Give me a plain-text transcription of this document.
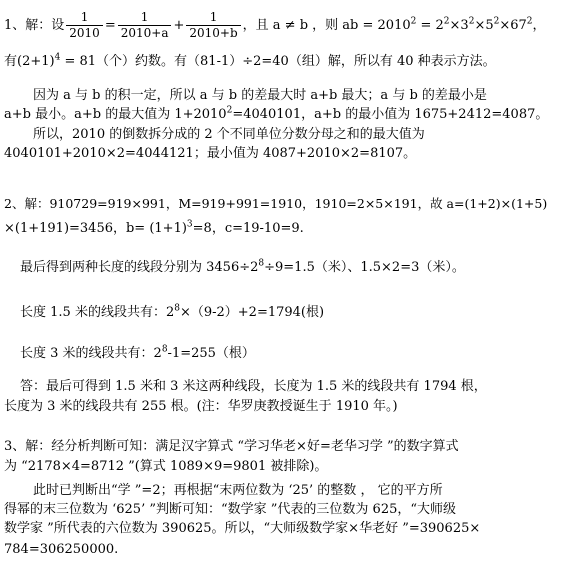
1、解：设 $\frac{1}{2010} = \frac{1}{2010+a} + \frac{1}{2010+b}$ ，且 a ≠ b ，则 ab = $2010^2 = 2^2\times 3^2\times 5^2\times 67^2$，
有$(2+1)^4 = 81$（个）约数。有（81-1）÷2=40（组）解，所以有 40 种表示方法。
因为 a 与 b 的积一定，所以 a 与 b 的差最大时 a+b 最大；a 与 b 的差最小是
a+b 最小。a+b 的最大值为 $1+2010^2=4040101$，a+b 的最小值为 1675+2412=4087。
所以，2010 的倒数拆分成的 2 个不同单位分数分母之和的最大值为
4040101+2010×2=4044121；最小值为 4087+2010×2=8107。
2、解：910729=919×991，M=919+991=1910，1910=2×5×191，故 a=(1+2)×(1+5)
×(1+191)=3456，$b= (1+1)^3=8$，c=19-10=9.
最后得到两种长度的线段分别为 $3456\div 2^8\div 9=1.5$（米）、1.5×2=3（米）。
长度 1.5 米的线段共有：$2^8\times(9-2)+2=1794$(根)
长度 3 米的线段共有：$2^8-1=255$（根）
答：最后可得到 1.5 米和 3 米这两种线段，长度为 1.5 米的线段共有 1794 根，
长度为 3 米的线段共有 255 根。(注：华罗庚教授诞生于 1910 年。)
3、解：经分析判断可知：满足汉字算式 “学习华老×好=老华习学 ”的数字算式
为 “2178×4=8712 ”(算式 1089×9=9801 被排除)。
此时已判断出“学 ”=2；再根据“末两位数为 ‘25’ 的整数 ， 它的平方所
得幂的末三位数为 ‘625’ ”判断可知：“数学家 ”代表的三位数为 625，“大师级
数学家 ”所代表的六位数为 390625。所以，“大师级数学家×华老好 ”=390625×
784=306250000.
